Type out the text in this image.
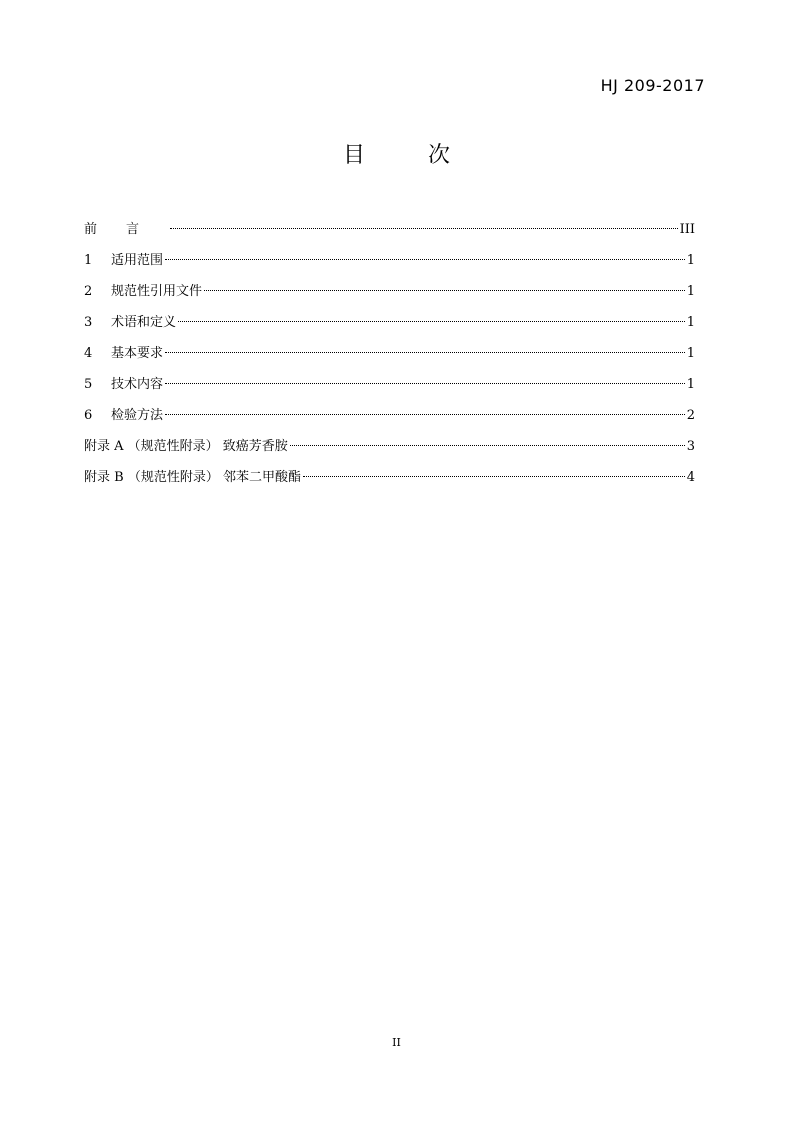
HJ 209-2017
目 次
前言	III
1	适用范围	1
2	规范性引用文件	1
3	术语和定义	1
4	基本要求	1
5	技术内容	1
6	检验方法	2
附录 A （规范性附录） 致癌芳香胺	3
附录 B （规范性附录） 邻苯二甲酸酯	4
II
